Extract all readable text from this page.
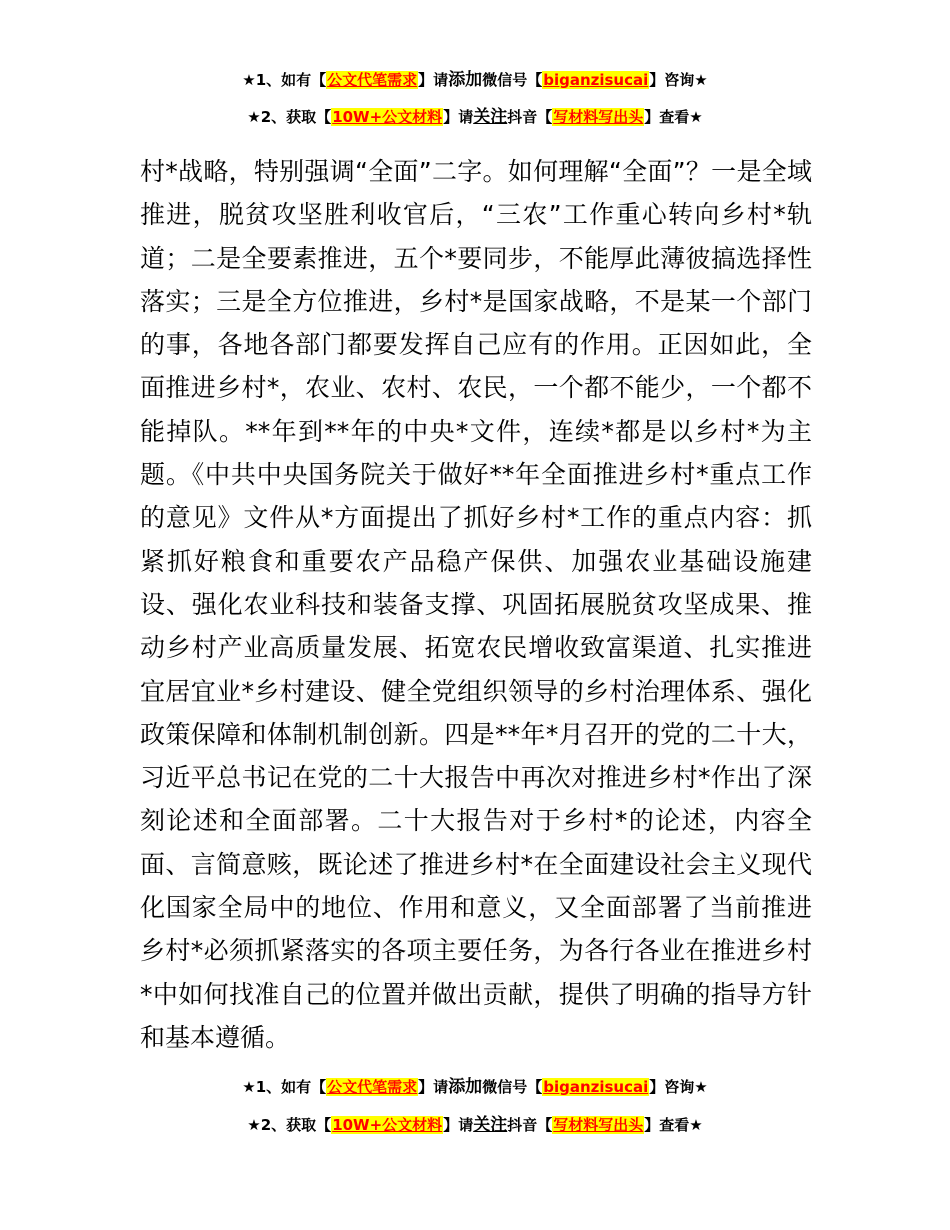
★1、如有【公文代笔需求】请添加微信号【biganzisucai】咨询★
★2、获取【10W+公文材料】请关注抖音【写材料写出头】查看★

村*战略，特别强调“全面”二字。如何理解“全面”？一是全域推进，脱贫攻坚胜利收官后，“三农”工作重心转向乡村*轨道；二是全要素推进，五个*要同步，不能厚此薄彼搞选择性落实；三是全方位推进，乡村*是国家战略，不是某一个部门的事，各地各部门都要发挥自己应有的作用。正因如此，全面推进乡村*，农业、农村、农民，一个都不能少，一个都不能掉队。**年到**年的中央*文件，连续*都是以乡村*为主题。《中共中央国务院关于做好**年全面推进乡村*重点工作的意见》文件从*方面提出了抓好乡村*工作的重点内容：抓紧抓好粮食和重要农产品稳产保供、加强农业基础设施建设、强化农业科技和装备支撑、巩固拓展脱贫攻坚成果、推动乡村产业高质量发展、拓宽农民增收致富渠道、扎实推进宜居宜业*乡村建设、健全党组织领导的乡村治理体系、强化政策保障和体制机制创新。四是**年*月召开的党的二十大，习近平总书记在党的二十大报告中再次对推进乡村*作出了深刻论述和全面部署。二十大报告对于乡村*的论述，内容全面、言简意赅，既论述了推进乡村*在全面建设社会主义现代化国家全局中的地位、作用和意义，又全面部署了当前推进乡村*必须抓紧落实的各项主要任务，为各行各业在推进乡村*中如何找准自己的位置并做出贡献，提供了明确的指导方针和基本遵循。

★1、如有【公文代笔需求】请添加微信号【biganzisucai】咨询★
★2、获取【10W+公文材料】请关注抖音【写材料写出头】查看★
